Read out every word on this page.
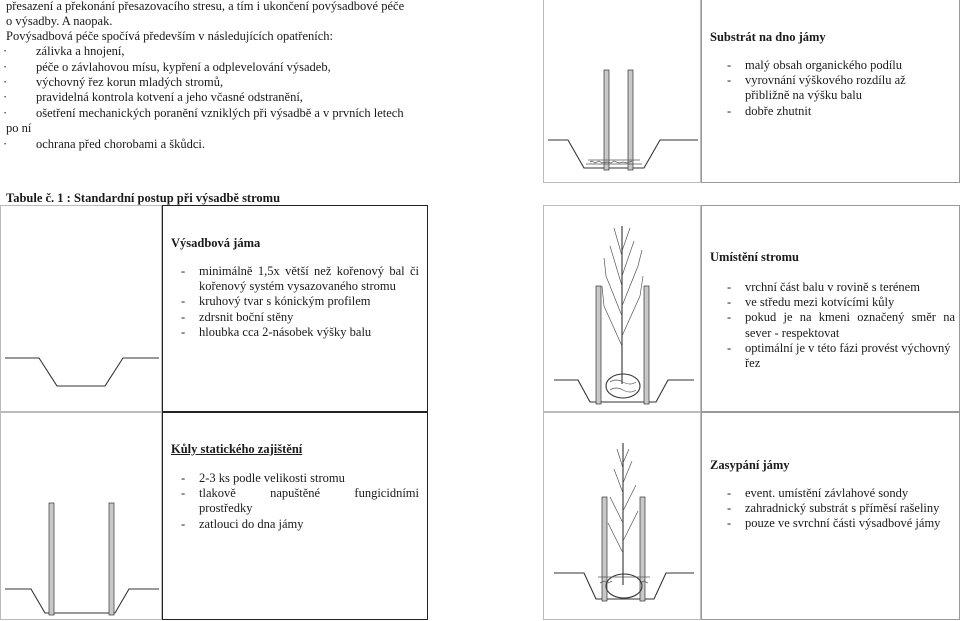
přesazení a překonání přesazovacího stresu, a tím i ukončení povýsadbové péče
o výsadby. A naopak.
Povýsadbová péče spočívá především v následujících opatřeních:
· zálivka a hnojení,
· péče o závlahovou mísu, kypření a odplevelování výsadeb,
· výchovný řez korun mladých stromů,
· pravidelná kontrola kotvení a jeho včasné odstranění,
· ošetření mechanických poranění vzniklých při výsadbě a v prvních letech
po ní
· ochrana před chorobami a škůdci.
Substrát na dno jámy
- malý obsah organického podílu
- vyrovnání výškového rozdílu až přibližně na výšku balu
- dobře zhutnit
Tabule č. 1 : Standardní postup při výsadbě stromu
Výsadbová jáma
- minimálně 1,5x větší než kořenový bal či
kořenový systém vysazovaného stromu
- kruhový tvar s kónickým profilem
- zdrsnit boční stěny
- hloubka cca 2-násobek výšky balu
Umístění stromu
- vrchní část balu v rovině s terénem
- ve středu mezi kotvícími kůly
- pokud je na kmeni označený směr na
sever - respektovat
- optimální je v této fázi provést výchovný
řez
Kůly statického zajištění
- 2-3 ks podle velikosti stromu
- tlakově napuštěné fungicidními
prostředky
- zatlouci do dna jámy
Zasypání jámy
- event. umístění závlahové sondy
- zahradnický substrát s příměsí rašeliny
- pouze ve svrchní části výsadbové jámy
